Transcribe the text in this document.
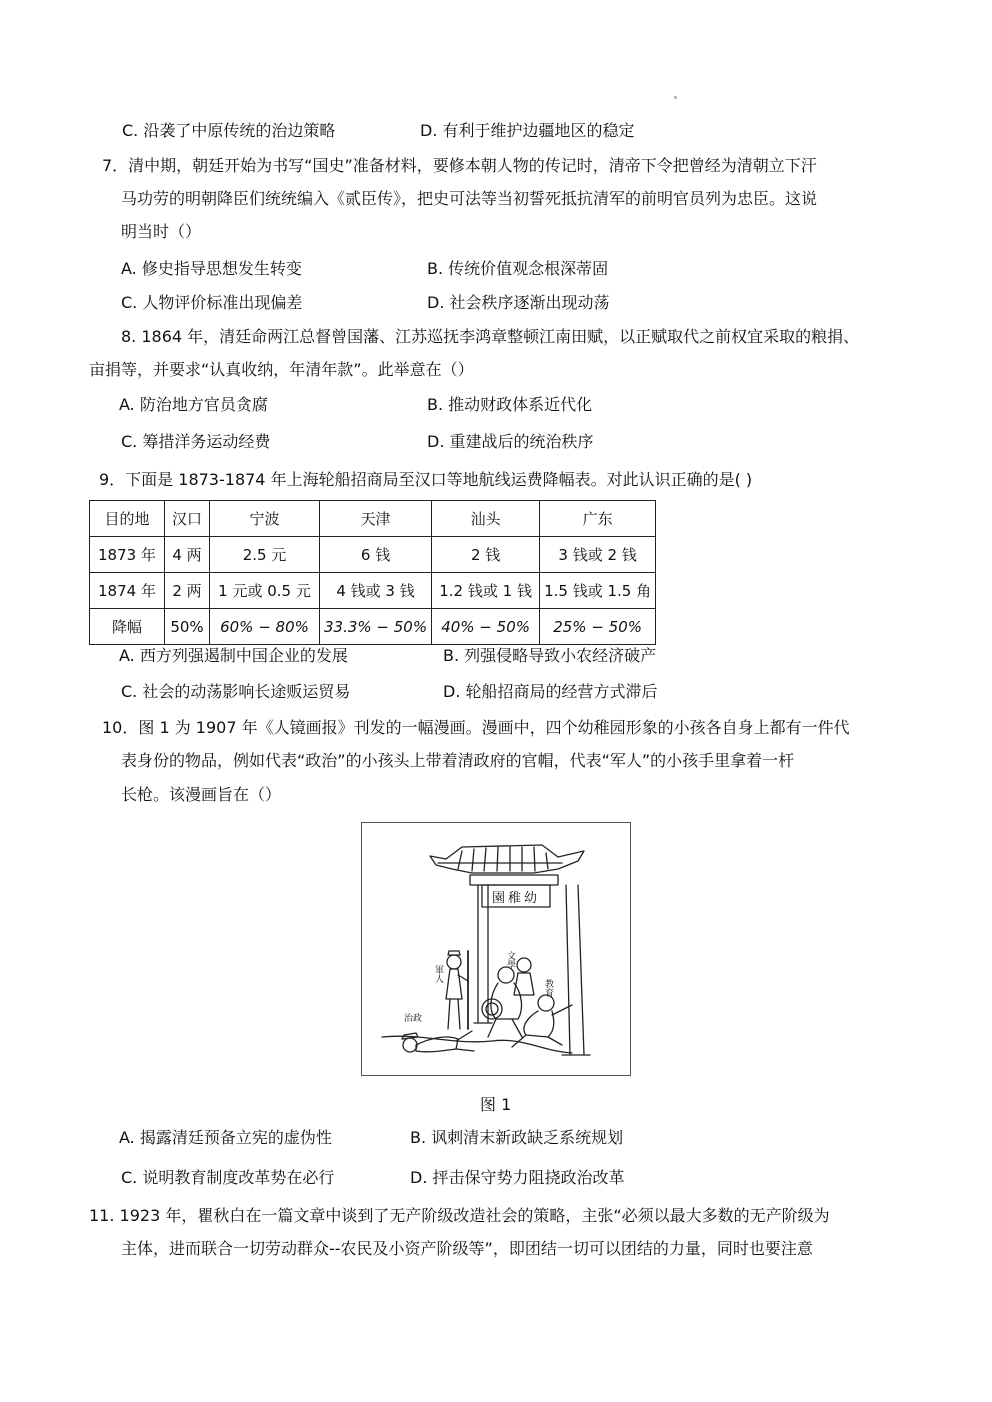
C. 沿袭了中原传统的治边策略	D. 有利于维护边疆地区的稳定
7．清中期，朝廷开始为书写“国史”准备材料，要修本朝人物的传记时，清帝下令把曾经为清朝立下汗
马功劳的明朝降臣们统统编入《贰臣传》，把史可法等当初誓死抵抗清军的前明官员列为忠臣。这说
明当时（）
A. 修史指导思想发生转变	B. 传统价值观念根深蒂固
C. 人物评价标准出现偏差	D. 社会秩序逐渐出现动荡
8. 1864 年，清廷命两江总督曾国藩、江苏巡抚李鸿章整顿江南田赋，以正赋取代之前权宜采取的粮捐、
亩捐等，并要求“认真收纳，年清年款”。此举意在（）
A. 防治地方官员贪腐	B. 推动财政体系近代化
C. 筹措洋务运动经费	D. 重建战后的统治秩序
9．下面是 1873-1874 年上海轮船招商局至汉口等地航线运费降幅表。对此认识正确的是( )
目的地	汉口	宁波	天津	汕头	广东
1873 年	4 两	2.5 元	6 钱	2 钱	3 钱或 2 钱
1874 年	2 两	1 元或 0.5 元	4 钱或 3 钱	1.2 钱或 1 钱	1.5 钱或 1.5 角
降幅	50%	60% − 80%	33.3% − 50%	40% − 50%	25% − 50%
A. 西方列强遏制中国企业的发展	B. 列强侵略导致小农经济破产
C. 社会的动荡影响长途贩运贸易	D. 轮船招商局的经营方式滞后
10．图 1 为 1907 年《人镜画报》刊发的一幅漫画。漫画中，四个幼稚园形象的小孩各自身上都有一件代
表身份的物品，例如代表“政治”的小孩头上带着清政府的官帽，代表“军人”的小孩手里拿着一杆
长枪。该漫画旨在（）
園稚幼
軍人
文學
教育
治政
图 1
A. 揭露清廷预备立宪的虚伪性	B. 讽刺清末新政缺乏系统规划
C. 说明教育制度改革势在必行	D. 抨击保守势力阻挠政治改革
11. 1923 年，瞿秋白在一篇文章中谈到了无产阶级改造社会的策略，主张“必须以最大多数的无产阶级为
主体，进而联合一切劳动群众--农民及小资产阶级等”，即团结一切可以团结的力量，同时也要注意
